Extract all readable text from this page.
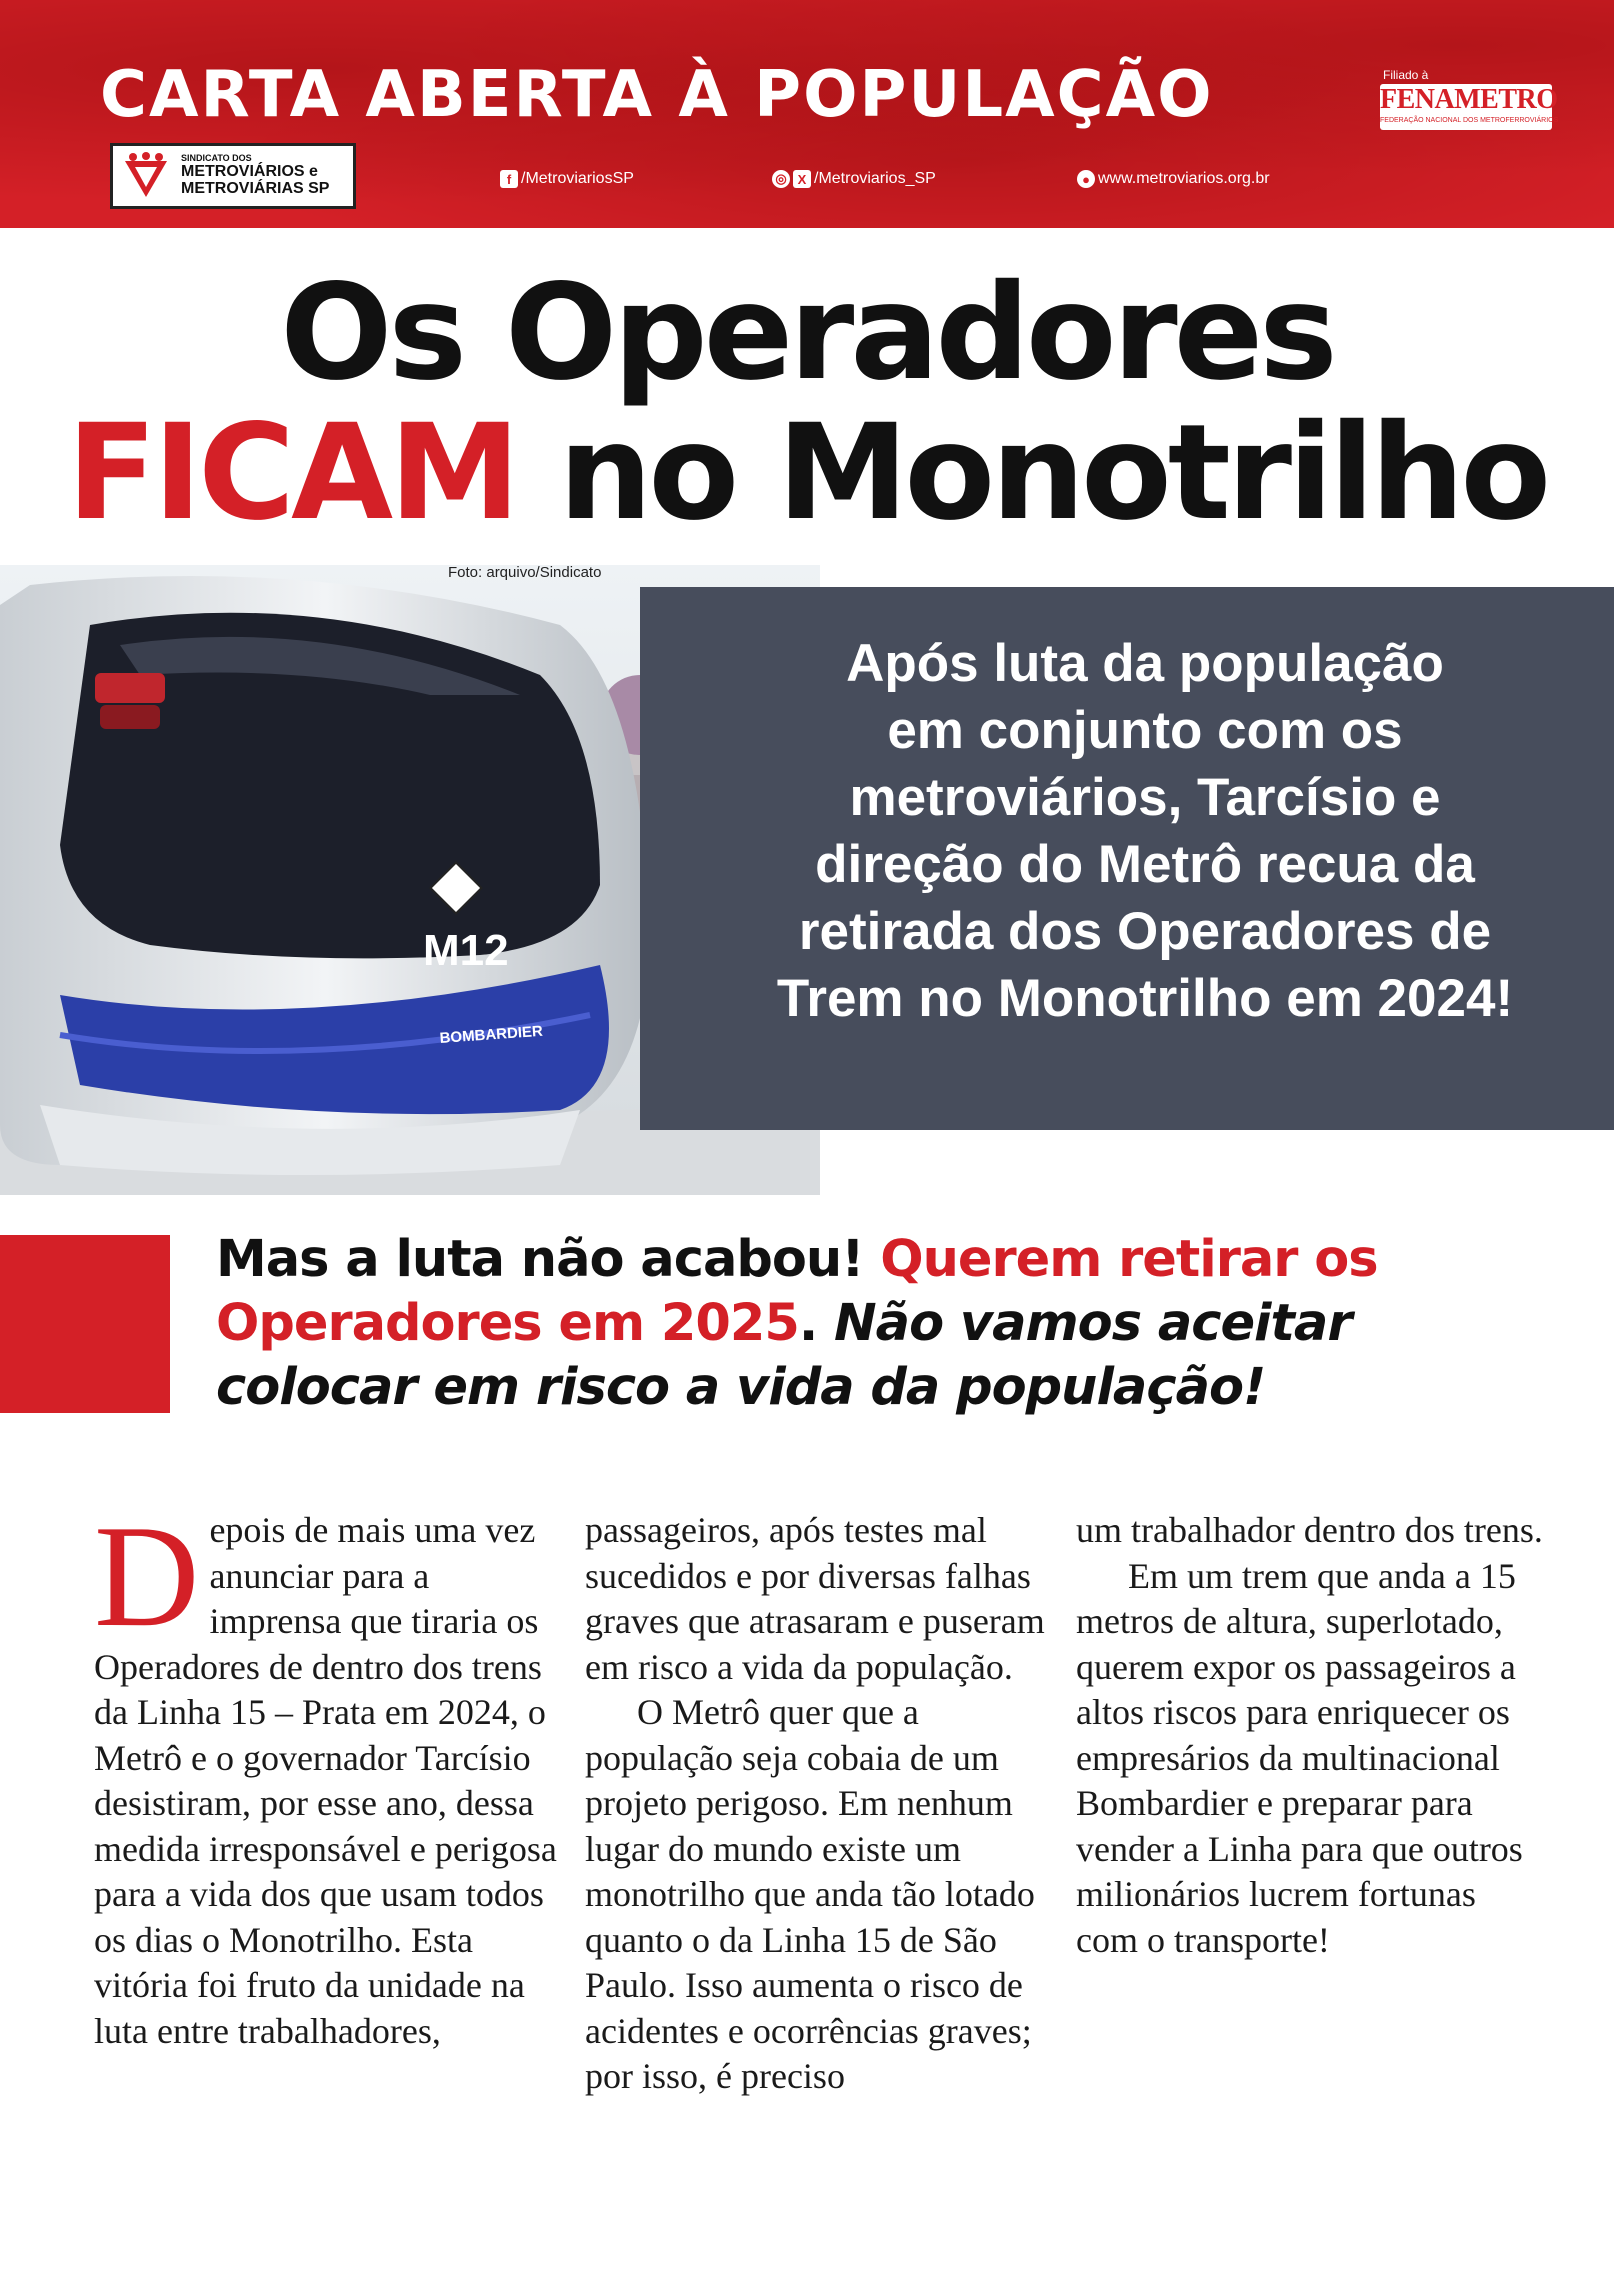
CARTA ABERTA À POPULAÇÃO
SINDICATO DOS
METROVIÁRIOS e
METROVIÁRIAS SP
Filiado à
FENAMETRO
FEDERAÇÃO NACIONAL DOS METROFERROVIÁRIOS
f /MetroviariosSP	◎ X /Metroviarios_SP	● www.metroviarios.org.br
Os Operadores
FICAM no Monotrilho
M12
BOMBARDIER
Foto: arquivo/Sindicato
Após luta da população
em conjunto com os
metroviários, Tarcísio e
direção do Metrô recua da
retirada dos Operadores de
Trem no Monotrilho em 2024!
Mas a luta não acabou! Querem retirar os Operadores em 2025. Não vamos aceitar colocar em risco a vida da população!

Depois de mais uma vez anunciar para a imprensa que tiraria os Operadores de dentro dos trens da Linha 15 – Prata em 2024, o Metrô e o governador Tarcísio desistiram, por esse ano, dessa medida irresponsável e perigosa para a vida dos que usam todos os dias o Monotrilho. Esta vitória foi fruto da unidade na luta entre trabalhadores,

passageiros, após testes mal sucedidos e por diversas falhas graves que atrasaram e puseram em risco a vida da população.

O Metrô quer que a população seja cobaia de um projeto perigoso. Em nenhum lugar do mundo existe um monotrilho que anda tão lotado quanto o da Linha 15 de São Paulo. Isso aumenta o risco de acidentes e ocorrências graves; por isso, é preciso

um trabalhador dentro dos trens.

Em um trem que anda a 15 metros de altura, superlotado, querem expor os passageiros a altos riscos para enriquecer os empresários da multinacional Bombardier e preparar para vender a Linha para que outros milionários lucrem fortunas com o transporte!
